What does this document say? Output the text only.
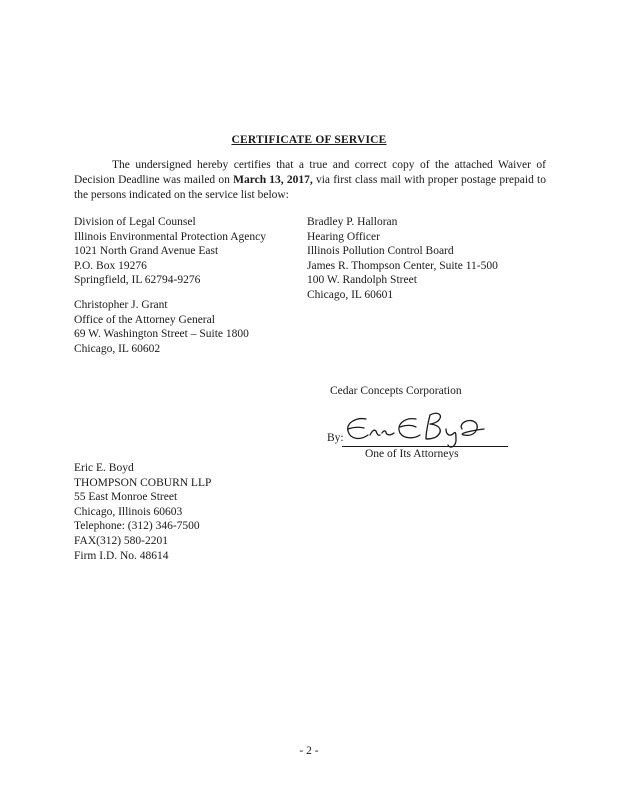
CERTIFICATE OF SERVICE
The undersigned hereby certifies that a true and correct copy of the attached Waiver of Decision Deadline was mailed on March 13, 2017, via first class mail with proper postage prepaid to the persons indicated on the service list below:
Division of Legal Counsel
Illinois Environmental Protection Agency
1021 North Grand Avenue East
P.O. Box 19276
Springfield, IL 62794-9276
Bradley P. Halloran
Hearing Officer
Illinois Pollution Control Board
James R. Thompson Center, Suite 11-500
100 W. Randolph Street
Chicago, IL 60601
Christopher J. Grant
Office of the Attorney General
69 W. Washington Street – Suite 1800
Chicago, IL 60602
Cedar Concepts Corporation
By:
One of Its Attorneys
Eric E. Boyd
THOMPSON COBURN LLP
55 East Monroe Street
Chicago, Illinois 60603
Telephone: (312) 346-7500
FAX(312) 580-2201
Firm I.D. No. 48614
- 2 -
